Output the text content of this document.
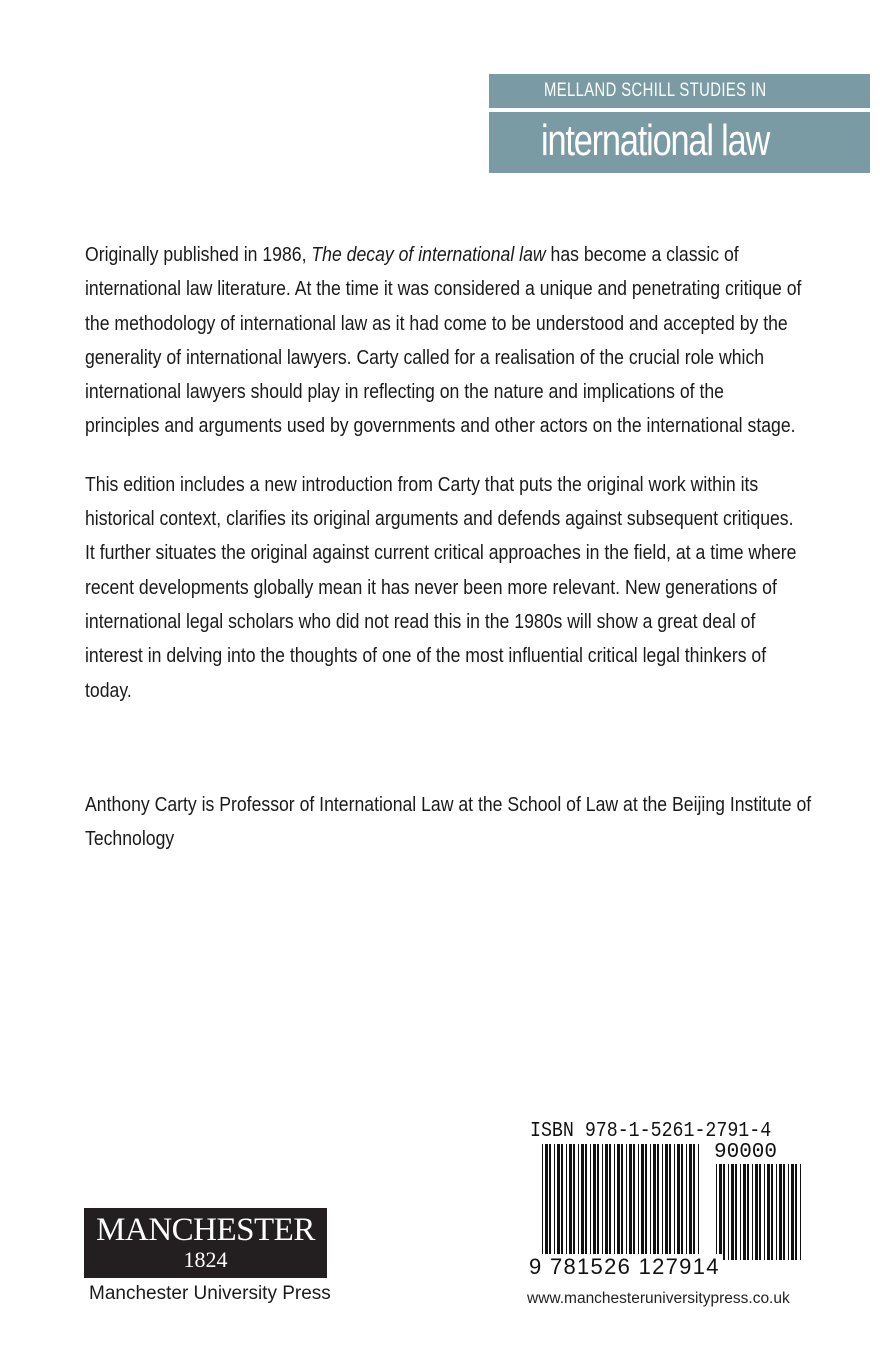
MELLAND SCHILL STUDIES IN
international law

Originally published in 1986, The decay of international law has become a classic of international law literature. At the time it was considered a unique and penetrating critique of the methodology of international law as it had come to be understood and accepted by the generality of international lawyers. Carty called for a realisation of the crucial role which international lawyers should play in reflecting on the nature and implications of the principles and arguments used by governments and other actors on the international stage.

This edition includes a new introduction from Carty that puts the original work within its historical context, clarifies its original arguments and defends against subsequent critiques. It further situates the original against current critical approaches in the field, at a time where recent developments globally mean it has never been more relevant. New generations of international legal scholars who did not read this in the 1980s will show a great deal of interest in delving into the thoughts of one of the most influential critical legal thinkers of today.

Anthony Carty is Professor of International Law at the School of Law at the Beijing Institute of Technology
ISBN 978-1-5261-2791-4
90000
9 781526 127914
www.manchesteruniversitypress.co.uk
MANCHESTER
1824
Manchester University Press
